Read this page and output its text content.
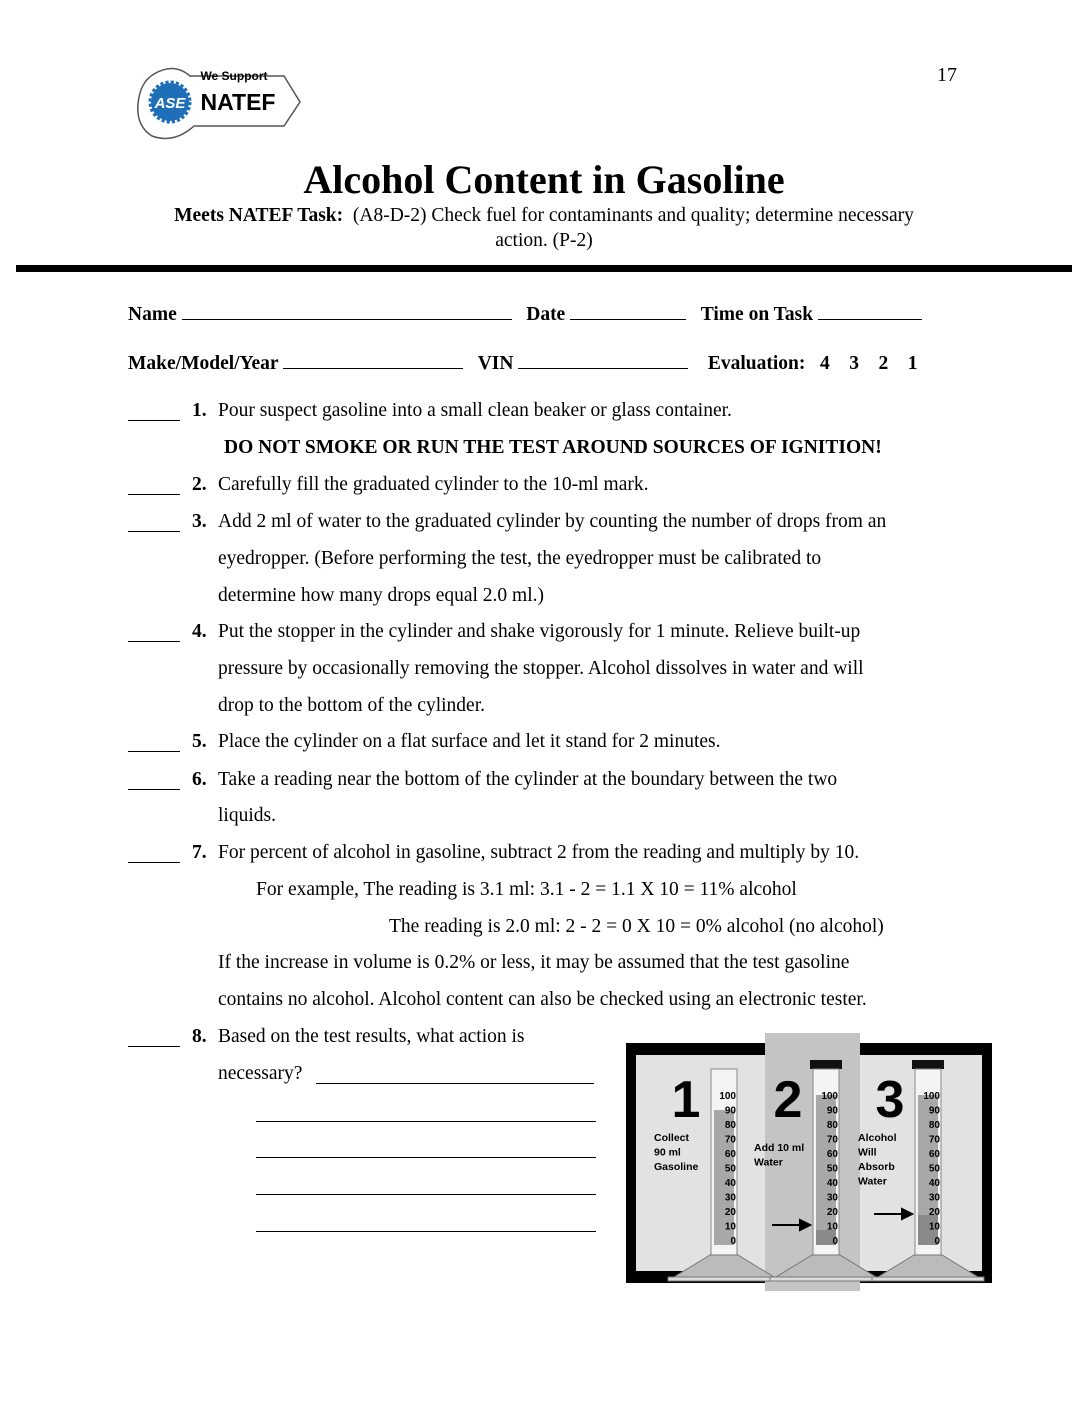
17
ASE
We Support
NATEF
Alcohol Content in Gasoline
Meets NATEF Task: (A8-D-2) Check fuel for contaminants and quality; determine necessary
action. (P-2)
Name	Date	Time on Task
Make/Model/Year	VIN	Evaluation: 4 3 2 1
1. Pour suspect gasoline into a small clean beaker or glass container.
DO NOT SMOKE OR RUN THE TEST AROUND SOURCES OF IGNITION!
2. Carefully fill the graduated cylinder to the 10-ml mark.
3. Add 2 ml of water to the graduated cylinder by counting the number of drops from an
eyedropper. (Before performing the test, the eyedropper must be calibrated to
determine how many drops equal 2.0 ml.)
4. Put the stopper in the cylinder and shake vigorously for 1 minute. Relieve built-up
pressure by occasionally removing the stopper. Alcohol dissolves in water and will
drop to the bottom of the cylinder.
5. Place the cylinder on a flat surface and let it stand for 2 minutes.
6. Take a reading near the bottom of the cylinder at the boundary between the two
liquids.
7. For percent of alcohol in gasoline, subtract 2 from the reading and multiply by 10.
For example, The reading is 3.1 ml: 3.1 - 2 = 1.1 X 10 = 11% alcohol
The reading is 2.0 ml: 2 - 2 = 0 X 10 = 0% alcohol (no alcohol)
If the increase in volume is 0.2% or less, it may be assumed that the test gasoline
contains no alcohol. Alcohol content can also be checked using an electronic tester.
8. Based on the test results, what action is
necessary?
100
90
80
70
60
50
40
30
20
10
0
1
Collect
90 ml
Gasoline
100
90
80
70
60
50
40
30
20
10
0
2
Add 10 ml
Water
100
90
80
70
60
50
40
30
20
10
0
3
Alcohol
Will
Absorb
Water
